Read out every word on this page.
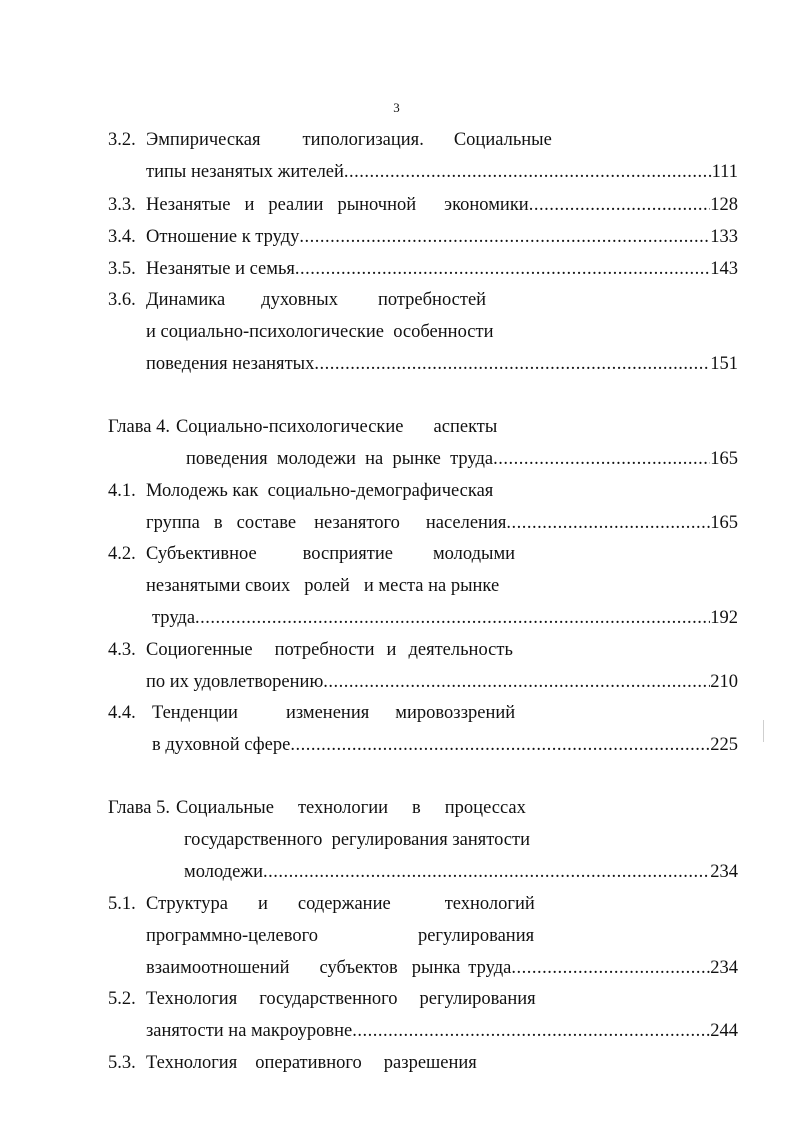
3
3.2. Эмпирическая типологизация. Социальные
типы незанятых жителей .....	111
3.3. Незанятые и реалии рыночной экономики .....	128
3.4. Отношение к труду .....	133
3.5. Незанятые и семья .....	143
3.6. Динамика духовных потребностей
и социально-психологические  особенности
поведения незанятых .....	151
Глава 4. Социально-психологические аспекты
поведения  молодежи  на  рынке  труда .....	165
4.1. Молодежь как  социально-демографическая
группа в составе незанятого населения .....	165
4.2. Субъективное восприятие молодыми
незанятыми своих ролей и места на рынке
труда .....	192
4.3. Социогенные потребности и деятельность
по их удовлетворению .....	210
4.4. Тенденции	изменения мировоззрений
в духовной сфере .....	225
Глава 5. Социальные технологии в процессах
государственного  регулирования занятости
молодежи .....	234
5.1. Структура и содержание	технологий
программно-целевого	регулирования
взаимоотношений субъектов рынка труда .....	234
5.2. Технология государственного регулирования
занятости на макроуровне .....	244
5.3. Технология оперативного разрешения
